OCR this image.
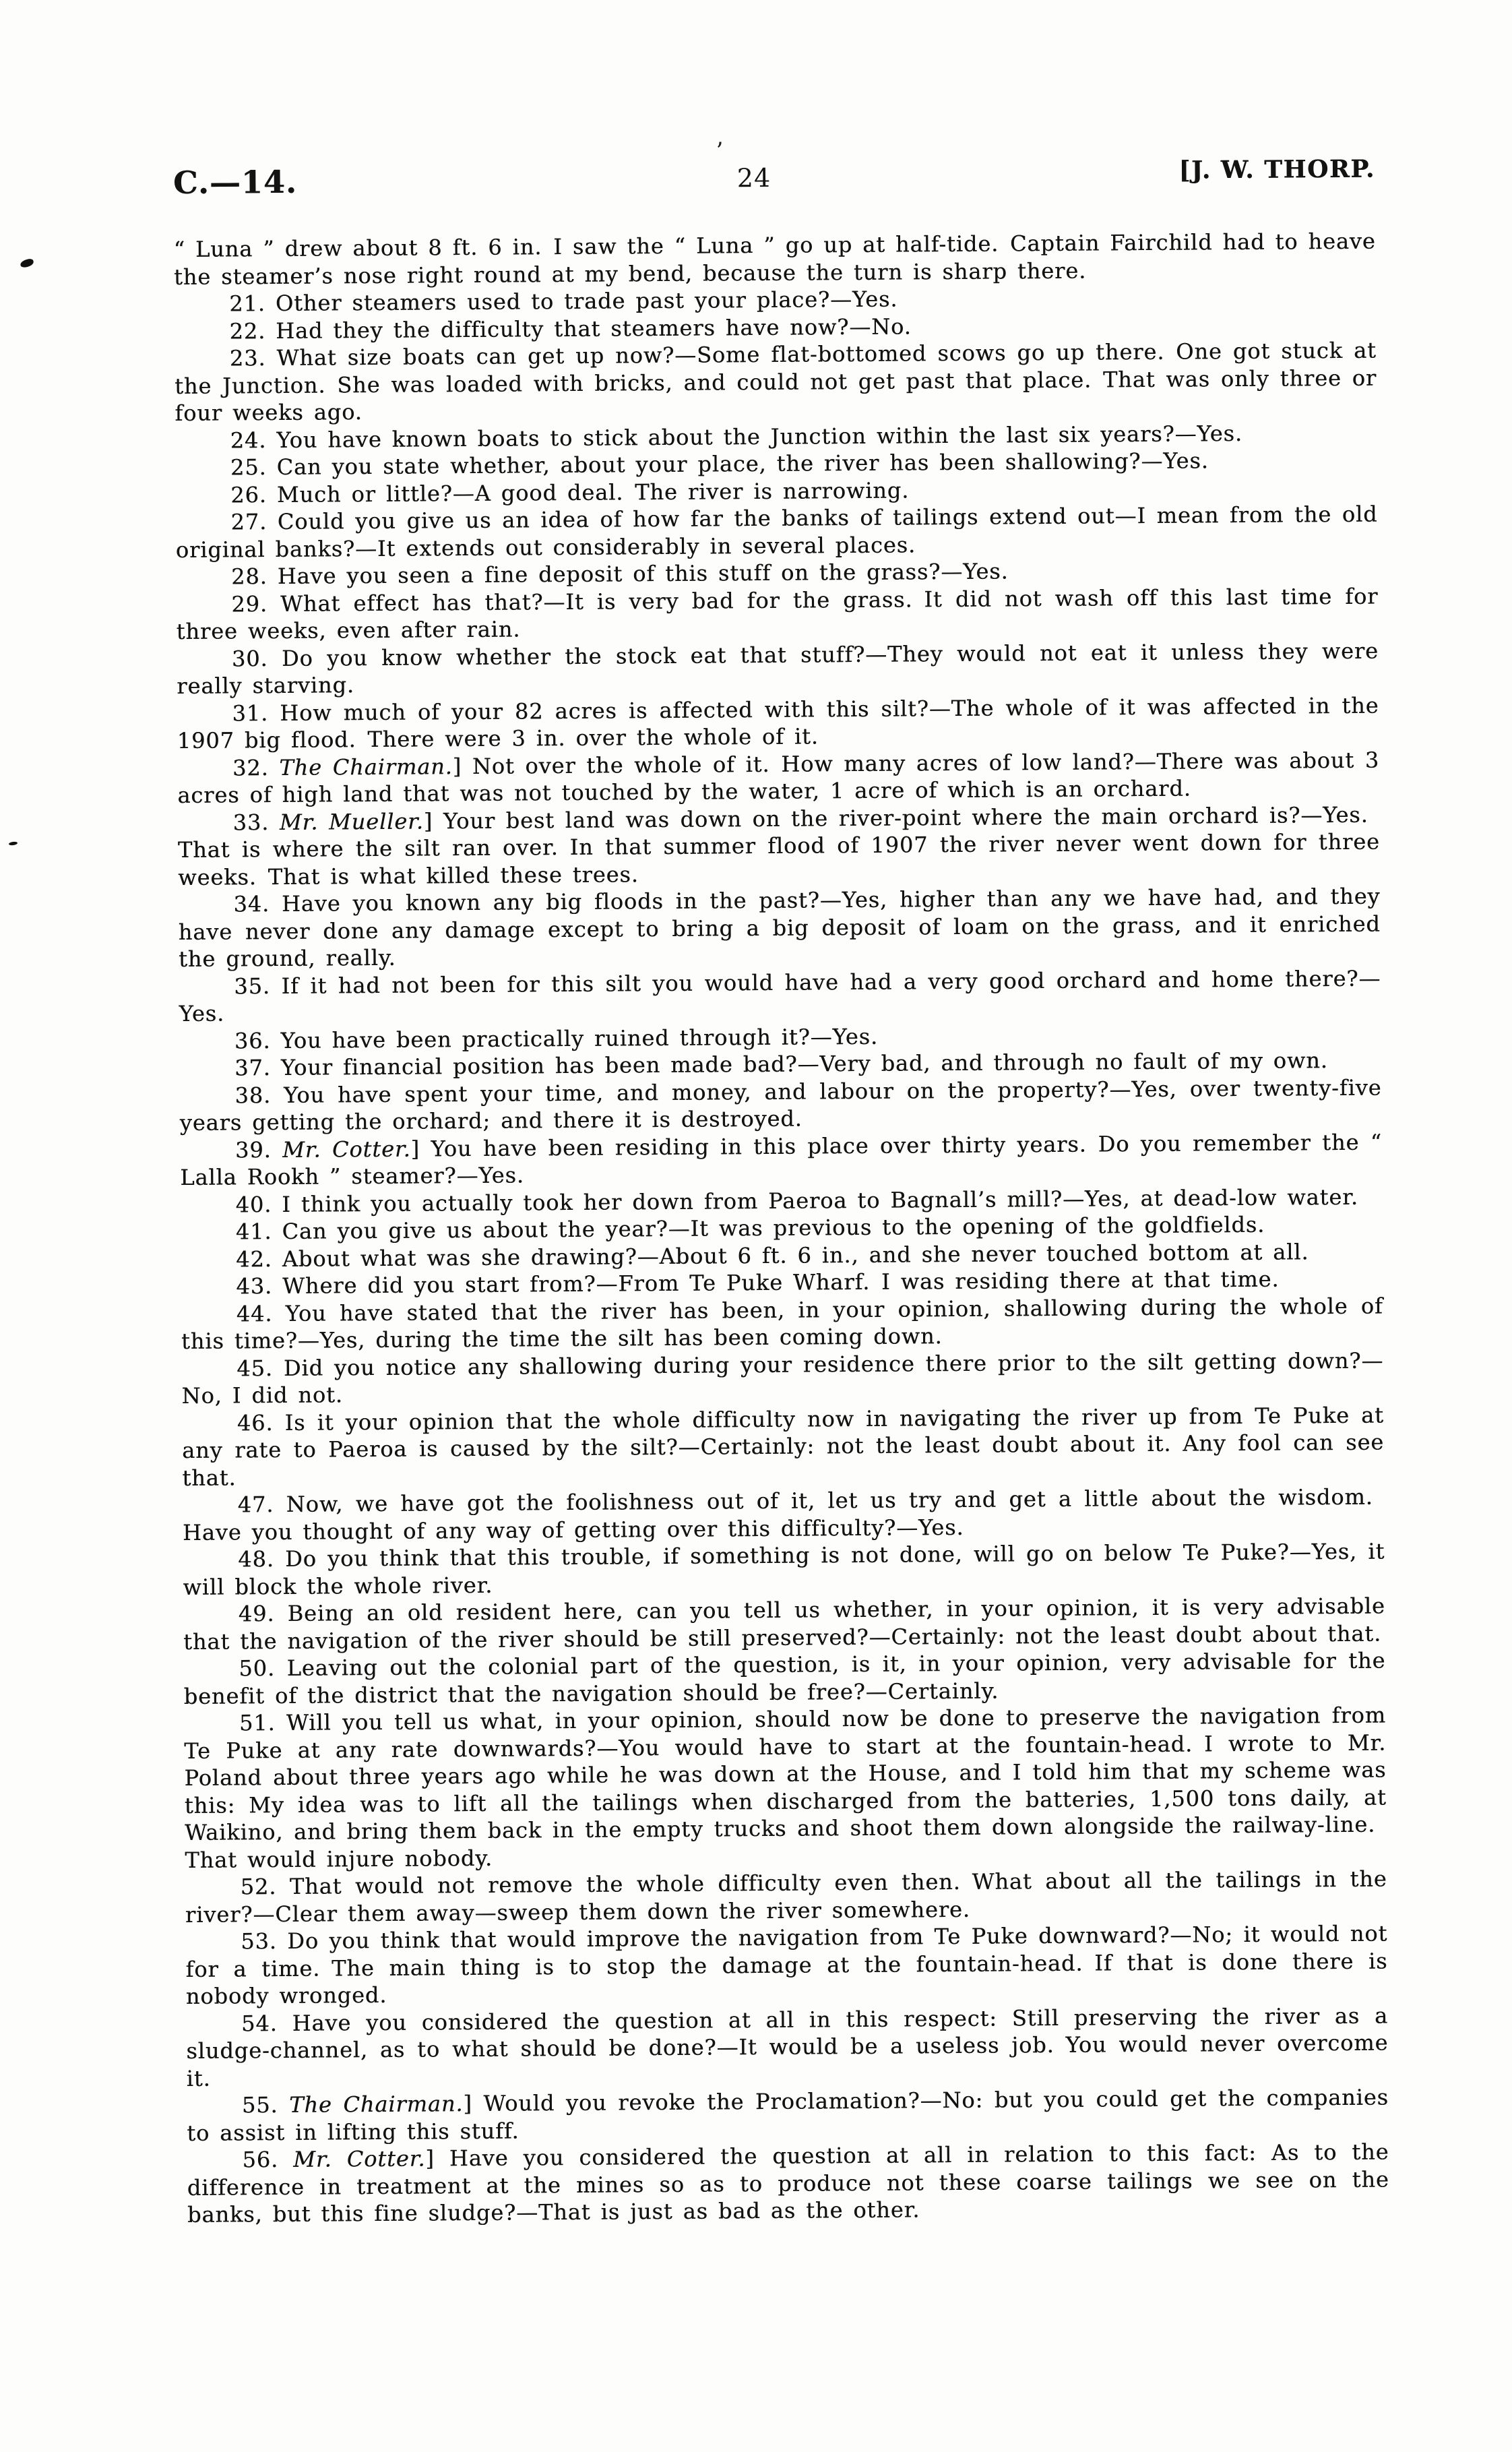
C.—14.
’
24	[J. W. THORP.

“ Luna ” drew about 8 ft. 6 in. I saw the “ Luna ” go up at half-tide. Captain Fairchild had to heave the steamer’s nose right round at my bend, because the turn is sharp there.

21. Other steamers used to trade past your place?—Yes.

22. Had they the difficulty that steamers have now?—No.

23. What size boats can get up now?—Some flat-bottomed scows go up there. One got stuck at the Junction. She was loaded with bricks, and could not get past that place. That was only three or four weeks ago.

24. You have known boats to stick about the Junction within the last six years?—Yes.

25. Can you state whether, about your place, the river has been shallowing?—Yes.

26. Much or little?—A good deal. The river is narrowing.

27. Could you give us an idea of how far the banks of tailings extend out—I mean from the old original banks?—It extends out considerably in several places.

28. Have you seen a fine deposit of this stuff on the grass?—Yes.

29. What effect has that?—It is very bad for the grass. It did not wash off this last time for three weeks, even after rain.

30. Do you know whether the stock eat that stuff?—They would not eat it unless they were really starving.

31. How much of your 82 acres is affected with this silt?—The whole of it was affected in the 1907 big flood. There were 3 in. over the whole of it.

32. The Chairman.] Not over the whole of it. How many acres of low land?—There was about 3 acres of high land that was not touched by the water, 1 acre of which is an orchard.

33. Mr. Mueller.] Your best land was down on the river-point where the main orchard is?—Yes. That is where the silt ran over. In that summer flood of 1907 the river never went down for three weeks. That is what killed these trees.

34. Have you known any big floods in the past?—Yes, higher than any we have had, and they have never done any damage except to bring a big deposit of loam on the grass, and it enriched the ground, really.

35. If it had not been for this silt you would have had a very good orchard and home there?—Yes.

36. You have been practically ruined through it?—Yes.

37. Your financial position has been made bad?—Very bad, and through no fault of my own.

38. You have spent your time, and money, and labour on the property?—Yes, over twenty-five years getting the orchard; and there it is destroyed.

39. Mr. Cotter.] You have been residing in this place over thirty years. Do you remember the “ Lalla Rookh ” steamer?—Yes.

40. I think you actually took her down from Paeroa to Bagnall’s mill?—Yes, at dead-low water.

41. Can you give us about the year?—It was previous to the opening of the goldfields.

42. About what was she drawing?—About 6 ft. 6 in., and she never touched bottom at all.

43. Where did you start from?—From Te Puke Wharf. I was residing there at that time.

44. You have stated that the river has been, in your opinion, shallowing during the whole of this time?—Yes, during the time the silt has been coming down.

45. Did you notice any shallowing during your residence there prior to the silt getting down?—No, I did not.

46. Is it your opinion that the whole difficulty now in navigating the river up from Te Puke at any rate to Paeroa is caused by the silt?—Certainly: not the least doubt about it. Any fool can see that.

47. Now, we have got the foolishness out of it, let us try and get a little about the wisdom. Have you thought of any way of getting over this difficulty?—Yes.

48. Do you think that this trouble, if something is not done, will go on below Te Puke?—Yes, it will block the whole river.

49. Being an old resident here, can you tell us whether, in your opinion, it is very advisable that the navigation of the river should be still preserved?—Certainly: not the least doubt about that.

50. Leaving out the colonial part of the question, is it, in your opinion, very advisable for the benefit of the district that the navigation should be free?—Certainly.

51. Will you tell us what, in your opinion, should now be done to preserve the navigation from Te Puke at any rate downwards?—You would have to start at the fountain-head. I wrote to Mr. Poland about three years ago while he was down at the House, and I told him that my scheme was this: My idea was to lift all the tailings when discharged from the batteries, 1,500 tons daily, at Waikino, and bring them back in the empty trucks and shoot them down alongside the railway-line. That would injure nobody.

52. That would not remove the whole difficulty even then. What about all the tailings in the river?—Clear them away—sweep them down the river somewhere.

53. Do you think that would improve the navigation from Te Puke downward?—No; it would not for a time. The main thing is to stop the damage at the fountain-head. If that is done there is nobody wronged.

54. Have you considered the question at all in this respect: Still preserving the river as a sludge-channel, as to what should be done?—It would be a useless job. You would never overcome it.

55. The Chairman.] Would you revoke the Proclamation?—No: but you could get the companies to assist in lifting this stuff.

56. Mr. Cotter.] Have you considered the question at all in relation to this fact: As to the difference in treatment at the mines so as to produce not these coarse tailings we see on the banks, but this fine sludge?—That is just as bad as the other.
